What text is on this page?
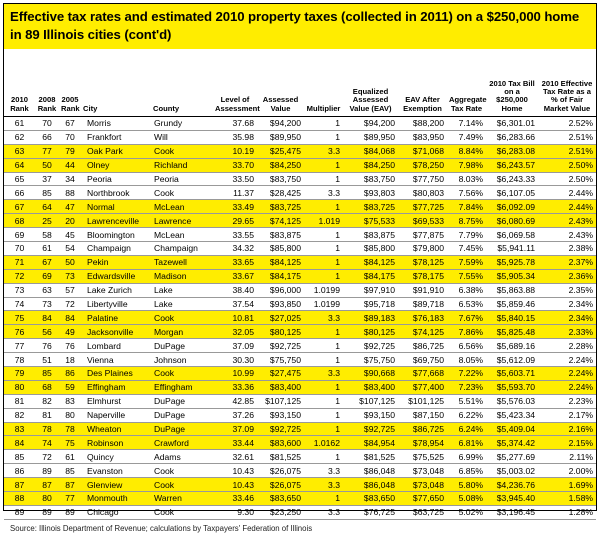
Effective tax rates and estimated 2010 property taxes (collected in 2011) on a $250,000 home in 89 Illinois cities (cont'd)
2010 Rank	2008 Rank	2005 Rank	City	County	Level of Assessment	Assessed Value	Multiplier	Equalized Assessed Value (EAV)	EAV After Exemption	Aggregate Tax Rate	2010 Tax Bill on a $250,000 Home	2010 Effective Tax Rate as a % of Fair Market Value
61	70	67	Morris	Grundy	37.68	$94,200	1	$94,200	$88,200	7.14%	$6,301.01	2.52%
62	66	70	Frankfort	Will	35.98	$89,950	1	$89,950	$83,950	7.49%	$6,283.66	2.51%
63	77	79	Oak Park	Cook	10.19	$25,475	3.3	$84,068	$71,068	8.84%	$6,283.08	2.51%
64	50	44	Olney	Richland	33.70	$84,250	1	$84,250	$78,250	7.98%	$6,243.57	2.50%
65	37	34	Peoria	Peoria	33.50	$83,750	1	$83,750	$77,750	8.03%	$6,243.33	2.50%
66	85	88	Northbrook	Cook	11.37	$28,425	3.3	$93,803	$80,803	7.56%	$6,107.05	2.44%
67	64	47	Normal	McLean	33.49	$83,725	1	$83,725	$77,725	7.84%	$6,092.09	2.44%
68	25	20	Lawrenceville	Lawrence	29.65	$74,125	1.019	$75,533	$69,533	8.75%	$6,080.69	2.43%
69	58	45	Bloomington	McLean	33.55	$83,875	1	$83,875	$77,875	7.79%	$6,069.58	2.43%
70	61	54	Champaign	Champaign	34.32	$85,800	1	$85,800	$79,800	7.45%	$5,941.11	2.38%
71	67	50	Pekin	Tazewell	33.65	$84,125	1	$84,125	$78,125	7.59%	$5,925.78	2.37%
72	69	73	Edwardsville	Madison	33.67	$84,175	1	$84,175	$78,175	7.55%	$5,905.34	2.36%
73	63	57	Lake Zurich	Lake	38.40	$96,000	1.0199	$97,910	$91,910	6.38%	$5,863.88	2.35%
74	73	72	Libertyville	Lake	37.54	$93,850	1.0199	$95,718	$89,718	6.53%	$5,859.46	2.34%
75	84	84	Palatine	Cook	10.81	$27,025	3.3	$89,183	$76,183	7.67%	$5,840.15	2.34%
76	56	49	Jacksonville	Morgan	32.05	$80,125	1	$80,125	$74,125	7.86%	$5,825.48	2.33%
77	76	76	Lombard	DuPage	37.09	$92,725	1	$92,725	$86,725	6.56%	$5,689.16	2.28%
78	51	18	Vienna	Johnson	30.30	$75,750	1	$75,750	$69,750	8.05%	$5,612.09	2.24%
79	85	86	Des Plaines	Cook	10.99	$27,475	3.3	$90,668	$77,668	7.22%	$5,603.71	2.24%
80	68	59	Effingham	Effingham	33.36	$83,400	1	$83,400	$77,400	7.23%	$5,593.70	2.24%
81	82	83	Elmhurst	DuPage	42.85	$107,125	1	$107,125	$101,125	5.51%	$5,576.03	2.23%
82	81	80	Naperville	DuPage	37.26	$93,150	1	$93,150	$87,150	6.22%	$5,423.34	2.17%
83	78	78	Wheaton	DuPage	37.09	$92,725	1	$92,725	$86,725	6.24%	$5,409.04	2.16%
84	74	75	Robinson	Crawford	33.44	$83,600	1.0162	$84,954	$78,954	6.81%	$5,374.42	2.15%
85	72	61	Quincy	Adams	32.61	$81,525	1	$81,525	$75,525	6.99%	$5,277.69	2.11%
86	89	85	Evanston	Cook	10.43	$26,075	3.3	$86,048	$73,048	6.85%	$5,003.02	2.00%
87	87	87	Glenview	Cook	10.43	$26,075	3.3	$86,048	$73,048	5.80%	$4,236.76	1.69%
88	80	77	Monmouth	Warren	33.46	$83,650	1	$83,650	$77,650	5.08%	$3,945.40	1.58%
89	89	89	Chicago	Cook	9.30	$23,250	3.3	$76,725	$63,725	5.02%	$3,196.45	1.28%
Source: Illinois Department of Revenue; calculations by Taxpayers' Federation of Illinois
